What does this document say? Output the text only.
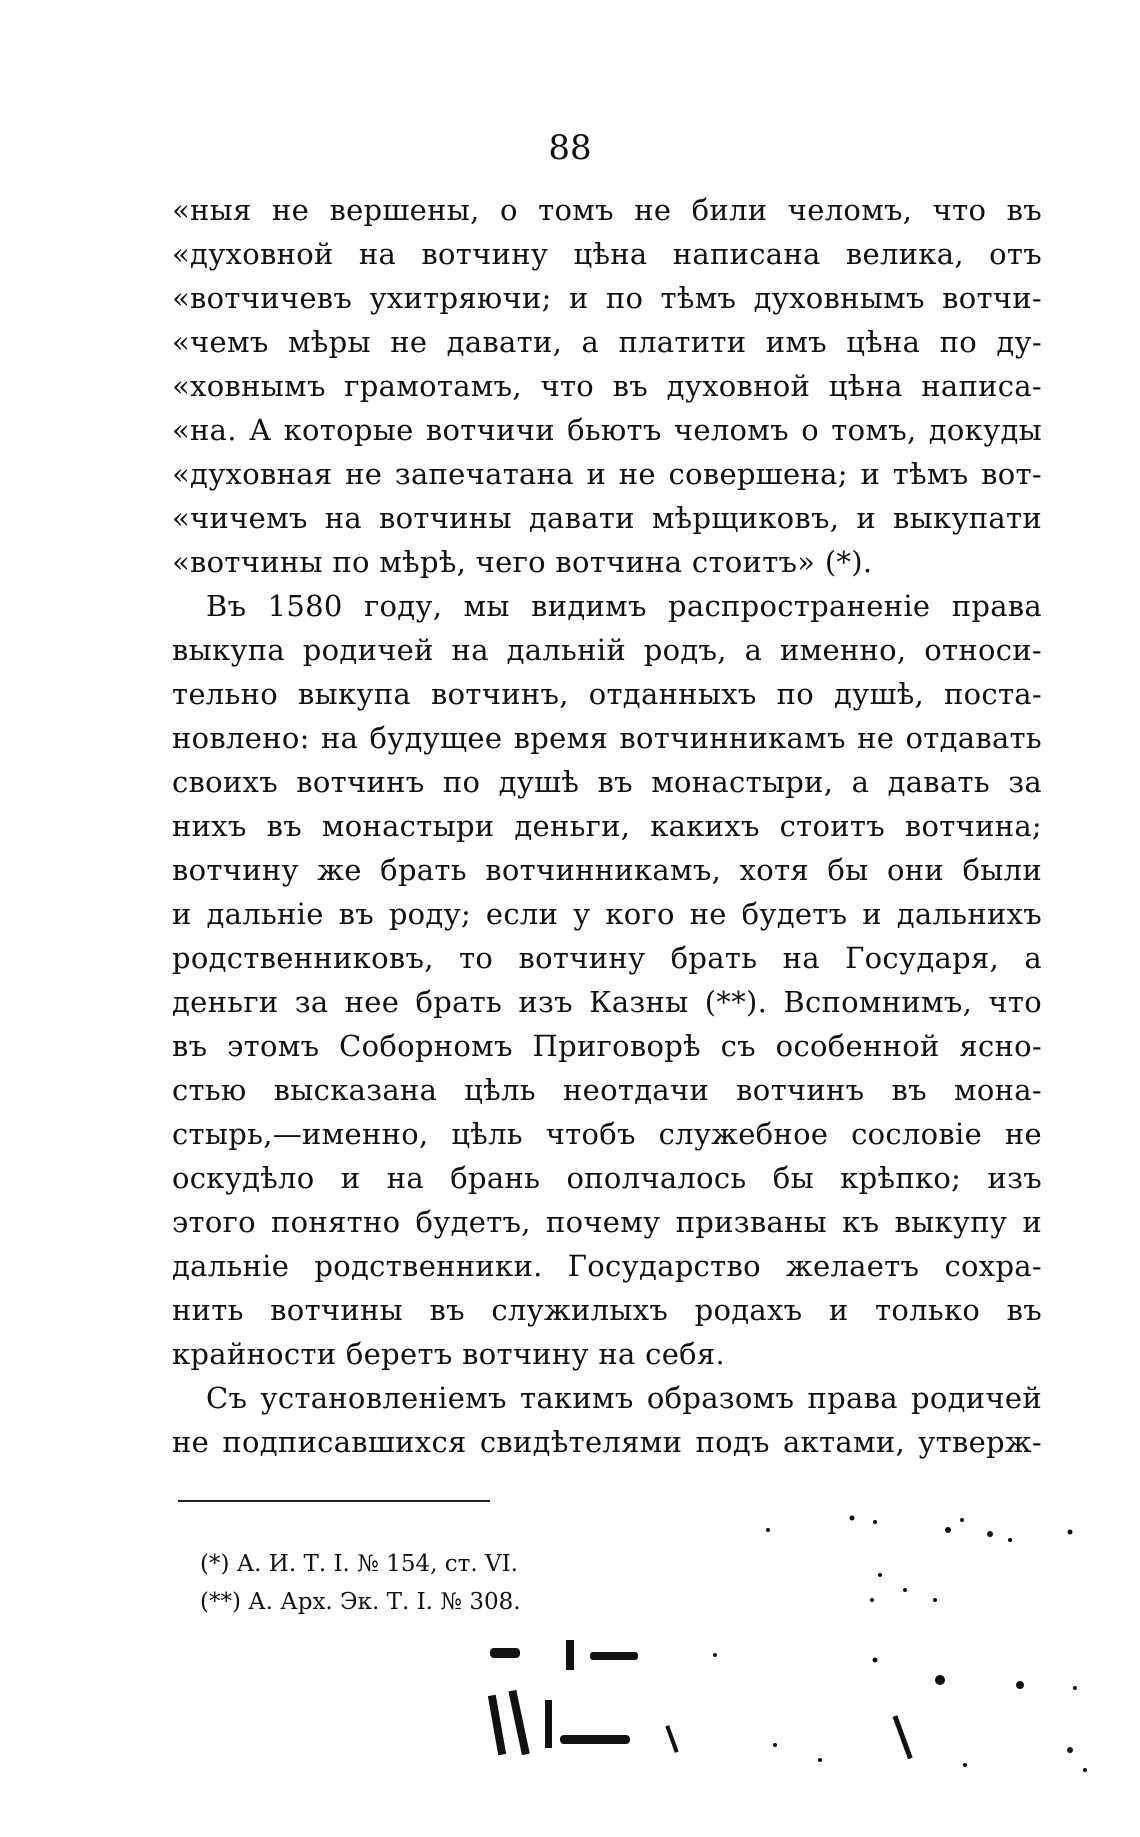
88
«ныя не вершены, о томъ не били челомъ, что въ
«духовной на вотчину цѣна написана велика, отъ
«вотчичевъ ухитряючи; и по тѣмъ духовнымъ вотчи-
«чемъ мѣры не давати, а платити имъ цѣна по ду-
«ховнымъ грамотамъ, что въ духовной цѣна написа-
«на. А которые вотчичи бьютъ челомъ о томъ, докуды
«духовная не запечатана и не совершена; и тѣмъ вот-
«чичемъ на вотчины давати мѣрщиковъ, и выкупати
«вотчины по мѣрѣ, чего вотчина стоитъ» (*).
Въ 1580 году, мы видимъ распространеніе права
выкупа родичей на дальній родъ, а именно, относи-
тельно выкупа вотчинъ, отданныхъ по душѣ, поста-
новлено: на будущее время вотчинникамъ не отдавать
своихъ вотчинъ по душѣ въ монастыри, а давать за
нихъ въ монастыри деньги, какихъ стоитъ вотчина;
вотчину же брать вотчинникамъ, хотя бы они были
и дальніе въ роду; если у кого не будетъ и дальнихъ
родственниковъ, то вотчину брать на Государя, а
деньги за нее брать изъ Казны (**). Вспомнимъ, что
въ этомъ Соборномъ Приговорѣ съ особенной ясно-
стью высказана цѣль неотдачи вотчинъ въ мона-
стырь,—именно, цѣль чтобъ служебное сословіе не
оскудѣло и на брань ополчалось бы крѣпко; изъ
этого понятно будетъ, почему призваны къ выкупу и
дальніе родственники. Государство желаетъ сохра-
нить вотчины въ служилыхъ родахъ и только въ
крайности беретъ вотчину на себя.
Съ установленіемъ такимъ образомъ права родичей
не подписавшихся свидѣтелями подъ актами, утверж-
(*) А. И. Т. I. № 154, ст. VI.
(**) А. Арх. Эк. Т. I. № 308.
